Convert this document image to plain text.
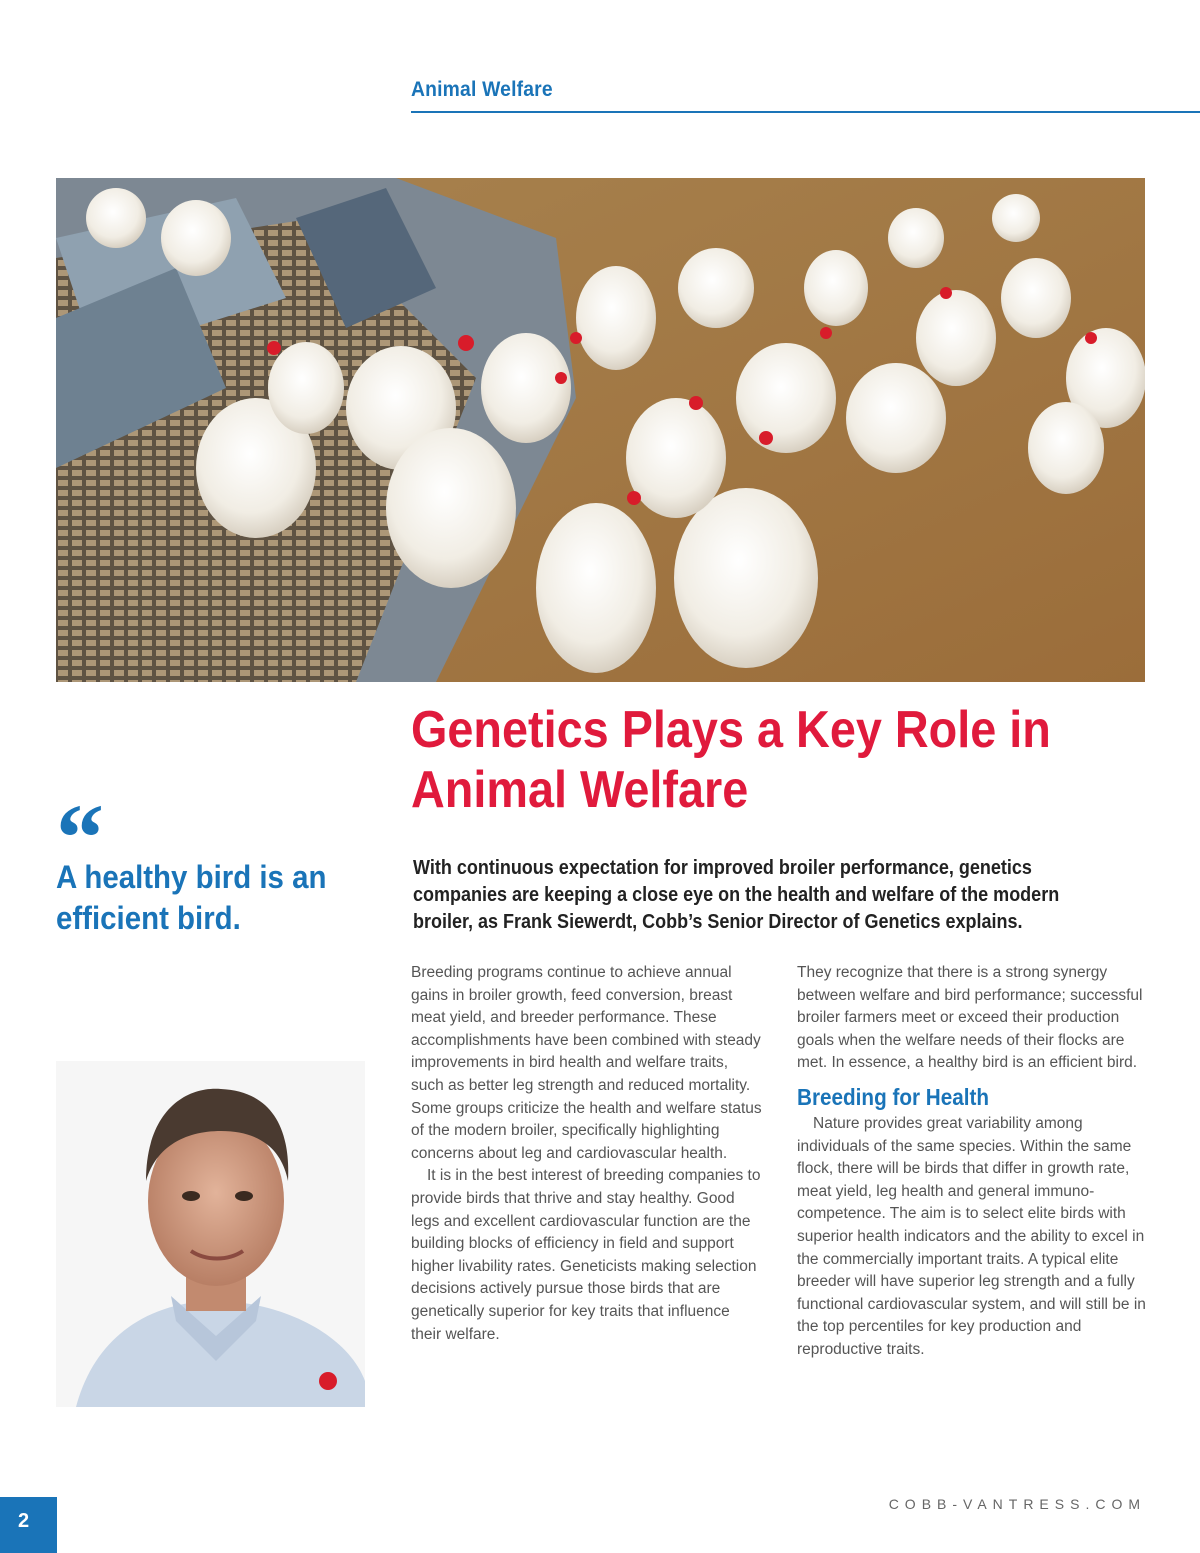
Animal Welfare
Genetics Plays a Key Role in Animal Welfare
“
A healthy bird is an efficient bird.
With continuous expectation for improved broiler performance, genetics companies are keeping a close eye on the health and welfare of the modern broiler, as Frank Siewerdt, Cobb’s Senior Director of Genetics explains.

Breeding programs continue to achieve annual gains in broiler growth, feed conversion, breast meat yield, and breeder performance. These accomplishments have been combined with steady improvements in bird health and welfare traits, such as better leg strength and reduced mortality. Some groups criticize the health and welfare status of the modern broiler, specifically highlighting concerns about leg and cardiovascular health.

It is in the best interest of breeding companies to provide birds that thrive and stay healthy. Good legs and excellent cardiovascular function are the building blocks of efficiency in field and support higher livability rates. Geneticists making selection decisions actively pursue those birds that are genetically superior for key traits that influence their welfare.

They recognize that there is a strong synergy between welfare and bird performance; successful broiler farmers meet or exceed their production goals when the welfare needs of their flocks are met. In essence, a healthy bird is an efficient bird.

Breeding for Health

Nature provides great variability among individuals of the same species. Within the same flock, there will be birds that differ in growth rate, meat yield, leg health and general immuno-competence. The aim is to select elite birds with superior health indicators and the ability to excel in the commercially important traits. A typical elite breeder will have superior leg strength and a fully functional cardiovascular system, and will still be in the top percentiles for key production and reproductive traits.

COBB-VANTRESS.COM
2
